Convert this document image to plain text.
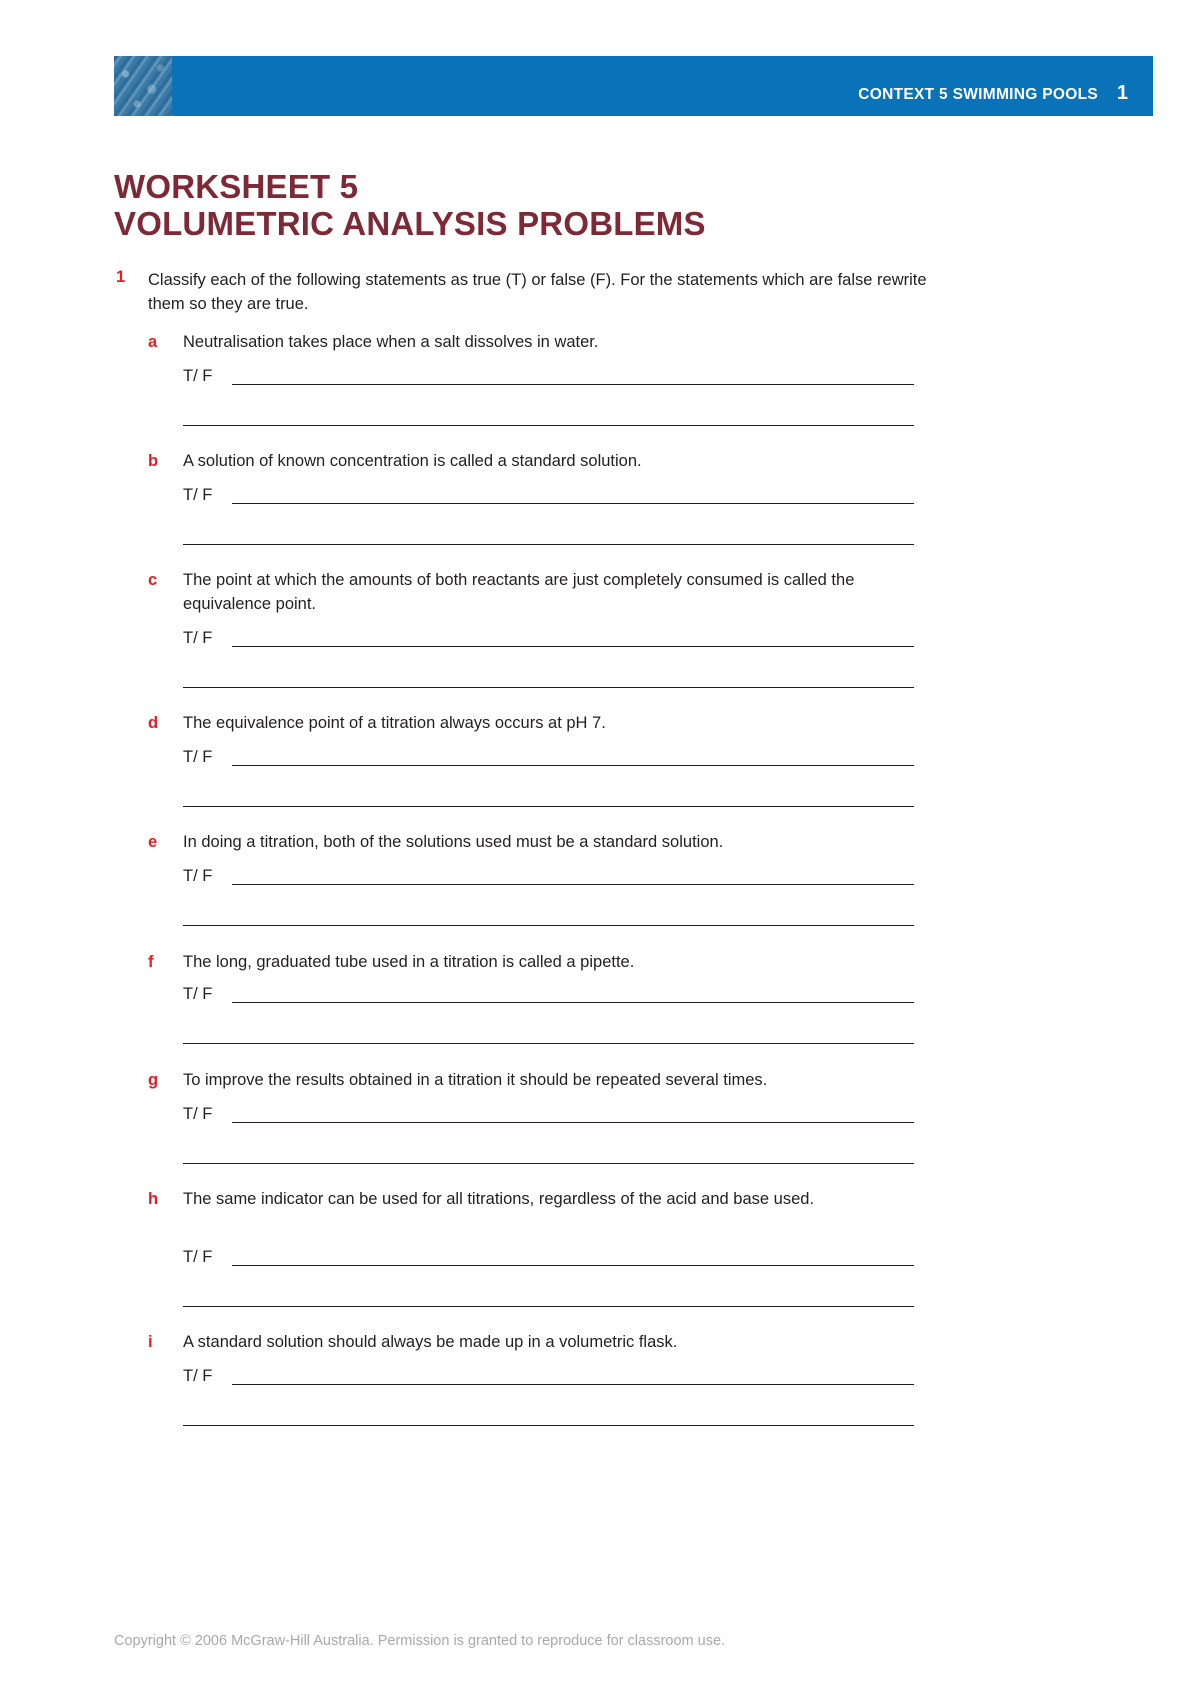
CONTEXT 5 SWIMMING POOLS 1
WORKSHEET 5
VOLUMETRIC ANALYSIS PROBLEMS
1 Classify each of the following statements as true (T) or false (F). For the statements which are false rewrite them so they are true.
a Neutralisation takes place when a salt dissolves in water.
T/ F
b A solution of known concentration is called a standard solution.
T/ F
c The point at which the amounts of both reactants are just completely consumed is called the equivalence point.
T/ F
d The equivalence point of a titration always occurs at pH 7.
T/ F
e In doing a titration, both of the solutions used must be a standard solution.
T/ F
f The long, graduated tube used in a titration is called a pipette.
T/ F
g To improve the results obtained in a titration it should be repeated several times.
T/ F
h The same indicator can be used for all titrations, regardless of the acid and base used.
T/ F
i A standard solution should always be made up in a volumetric flask.
T/ F
Copyright © 2006 McGraw-Hill Australia. Permission is granted to reproduce for classroom use.
